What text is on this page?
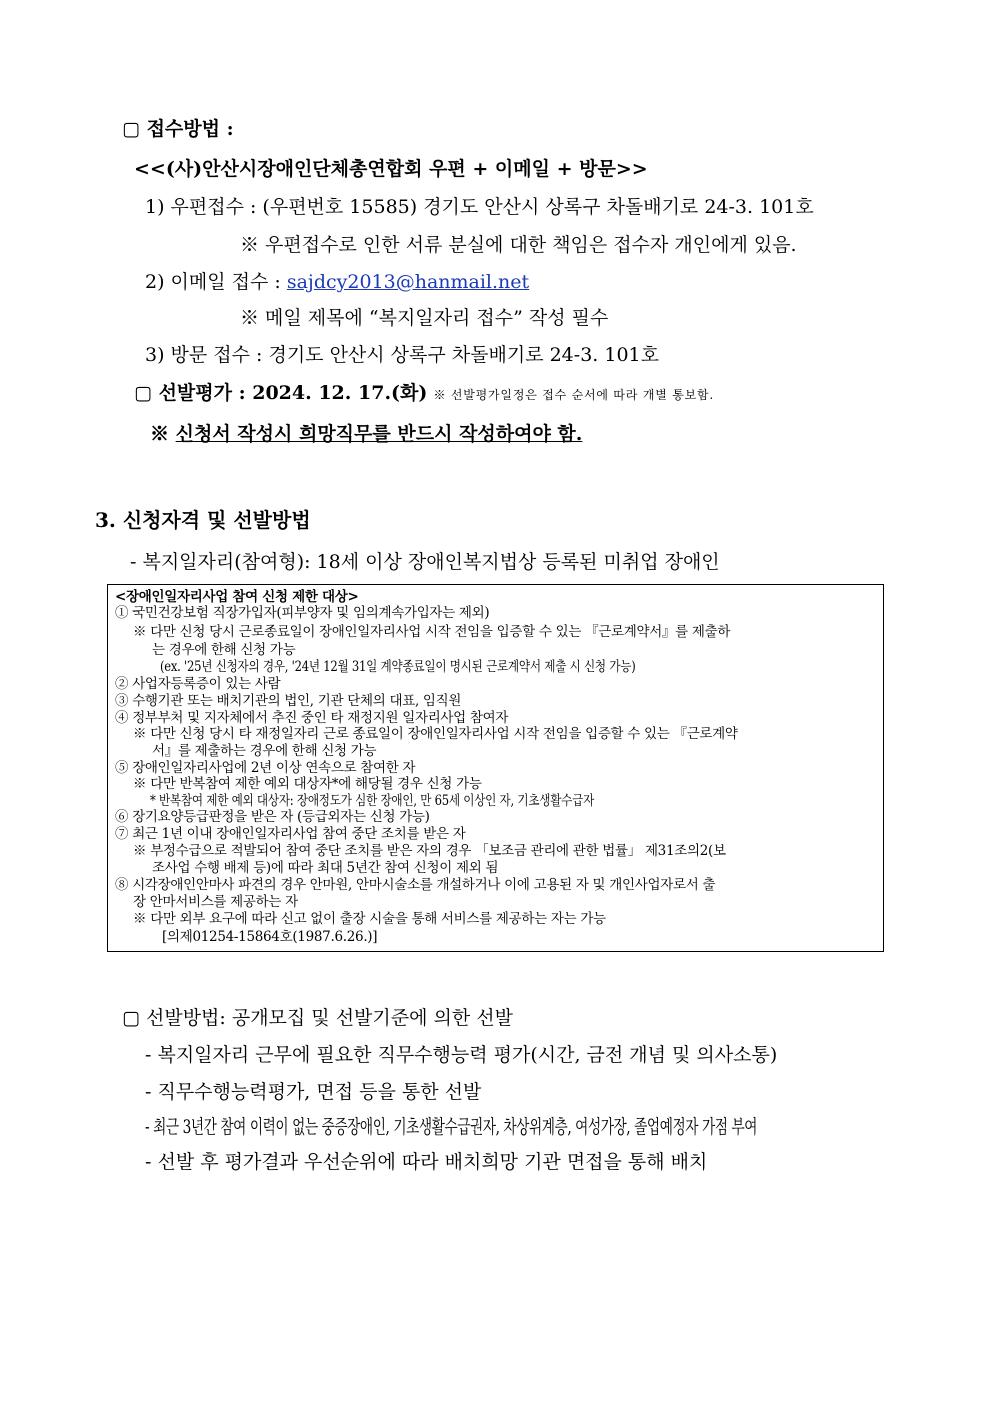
▢ 접수방법 :
<<(사)안산시장애인단체총연합회 우편 + 이메일 + 방문>>
1) 우편접수 : (우편번호 15585) 경기도 안산시 상록구 차돌배기로 24-3. 101호
※ 우편접수로 인한 서류 분실에 대한 책임은 접수자 개인에게 있음.
2) 이메일 접수 : sajdcy2013@hanmail.net
※ 메일 제목에 “복지일자리 접수” 작성 필수
3) 방문 접수 : 경기도 안산시 상록구 차돌배기로 24-3. 101호
▢ 선발평가 : 2024. 12. 17.(화) ※ 선발평가일정은 접수 순서에 따라 개별 통보함.
※ 신청서 작성시 희망직무를 반드시 작성하여야 함.
3. 신청자격 및 선발방법
- 복지일자리(참여형): 18세 이상 장애인복지법상 등록된 미취업 장애인
<장애인일자리사업 참여 신청 제한 대상>
① 국민건강보험 직장가입자(피부양자 및 임의계속가입자는 제외)
※ 다만 신청 당시 근로종료일이 장애인일자리사업 시작 전임을 입증할 수 있는 『근로계약서』를 제출하
는 경우에 한해 신청 가능
(ex. '25년 신청자의 경우, '24년 12월 31일 계약종료일이 명시된 근로계약서 제출 시 신청 가능)
② 사업자등록증이 있는 사람
③ 수행기관 또는 배치기관의 법인, 기관 단체의 대표, 임직원
④ 정부부처 및 지자체에서 추진 중인 타 재정지원 일자리사업 참여자
※ 다만 신청 당시 타 재정일자리 근로 종료일이 장애인일자리사업 시작 전임을 입증할 수 있는 『근로계약
서』를 제출하는 경우에 한해 신청 가능
⑤ 장애인일자리사업에 2년 이상 연속으로 참여한 자
※ 다만 반복참여 제한 예외 대상자*에 해당될 경우 신청 가능
* 반복참여 제한 예외 대상자: 장애정도가 심한 장애인, 만 65세 이상인 자, 기초생활수급자
⑥ 장기요양등급판정을 받은 자 (등급외자는 신청 가능)
⑦ 최근 1년 이내 장애인일자리사업 참여 중단 조치를 받은 자
※ 부정수급으로 적발되어 참여 중단 조치를 받은 자의 경우 「보조금 관리에 관한 법률」 제31조의2(보
조사업 수행 배제 등)에 따라 최대 5년간 참여 신청이 제외 됨
⑧ 시각장애인안마사 파견의 경우 안마원, 안마시술소를 개설하거나 이에 고용된 자 및 개인사업자로서 출
장 안마서비스를 제공하는 자
※ 다만 외부 요구에 따라 신고 없이 출장 시술을 통해 서비스를 제공하는 자는 가능
[의제01254-15864호(1987.6.26.)]
▢ 선발방법: 공개모집 및 선발기준에 의한 선발
- 복지일자리 근무에 필요한 직무수행능력 평가(시간, 금전 개념 및 의사소통)
- 직무수행능력평가, 면접 등을 통한 선발
- 최근 3년간 참여 이력이 없는 중증장애인, 기초생활수급권자, 차상위계층, 여성가장, 졸업예정자 가점 부여
- 선발 후 평가결과 우선순위에 따라 배치희망 기관 면접을 통해 배치
